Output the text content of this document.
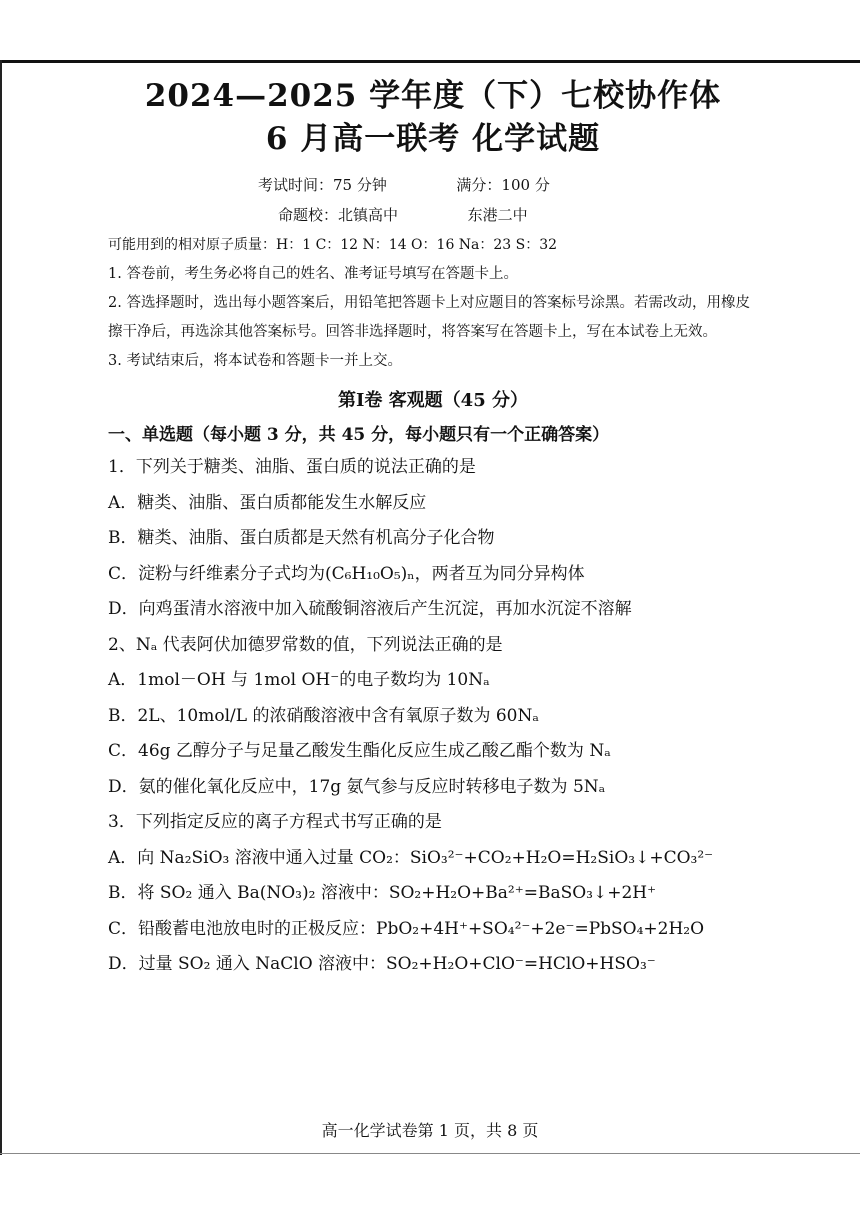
2024—2025 学年度（下）七校协作体
6 月高一联考 化学试题
考试时间：75 分钟	满分：100 分
命题校：北镇高中	东港二中
可能用到的相对原子质量：H：1 C：12 N：14 O：16 Na：23 S：32
1. 答卷前，考生务必将自己的姓名、准考证号填写在答题卡上。
2. 答选择题时，选出每小题答案后，用铅笔把答题卡上对应题目的答案标号涂黑。若需改动，用橡皮擦干净后，再选涂其他答案标号。回答非选择题时，将答案写在答题卡上，写在本试卷上无效。
3. 考试结束后，将本试卷和答题卡一并上交。
第Ⅰ卷 客观题（45 分）
一、单选题（每小题 3 分，共 45 分，每小题只有一个正确答案）
1．下列关于糖类、油脂、蛋白质的说法正确的是
A．糖类、油脂、蛋白质都能发生水解反应
B．糖类、油脂、蛋白质都是天然有机高分子化合物
C．淀粉与纤维素分子式均为(C₆H₁₀O₅)ₙ，两者互为同分异构体
D．向鸡蛋清水溶液中加入硫酸铜溶液后产生沉淀，再加水沉淀不溶解
2、Nₐ 代表阿伏加德罗常数的值，下列说法正确的是
A．1mol－OH 与 1mol OH⁻的电子数均为 10Nₐ
B．2L、10mol/L 的浓硝酸溶液中含有氧原子数为 60Nₐ
C．46g 乙醇分子与足量乙酸发生酯化反应生成乙酸乙酯个数为 Nₐ
D．氨的催化氧化反应中，17g 氨气参与反应时转移电子数为 5Nₐ
3．下列指定反应的离子方程式书写正确的是
A．向 Na₂SiO₃ 溶液中通入过量 CO₂：SiO₃²⁻+CO₂+H₂O=H₂SiO₃↓+CO₃²⁻
B．将 SO₂ 通入 Ba(NO₃)₂ 溶液中：SO₂+H₂O+Ba²⁺=BaSO₃↓+2H⁺
C．铅酸蓄电池放电时的正极反应：PbO₂+4H⁺+SO₄²⁻+2e⁻=PbSO₄+2H₂O
D．过量 SO₂ 通入 NaClO 溶液中：SO₂+H₂O+ClO⁻=HClO+HSO₃⁻
高一化学试卷第 1 页，共 8 页
